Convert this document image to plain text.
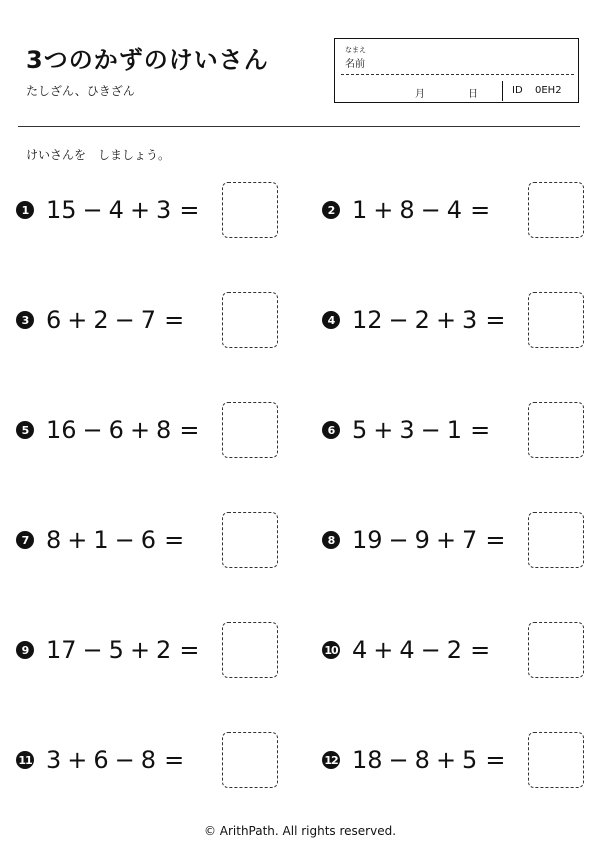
3つのかずのけいさん
たしざん、ひきざん
なまえ
名前
月	日	ID 0EH2
けいさんを　しましょう。
1 15 − 4 + 3 =	2 1 + 8 − 4 =
3 6 + 2 − 7 =	4 12 − 2 + 3 =
5 16 − 6 + 8 =	6 5 + 3 − 1 =
7 8 + 1 − 6 =	8 19 − 9 + 7 =
9 17 − 5 + 2 =	10 4 + 4 − 2 =
11 3 + 6 − 8 =	12 18 − 8 + 5 =
© ArithPath. All rights reserved.
